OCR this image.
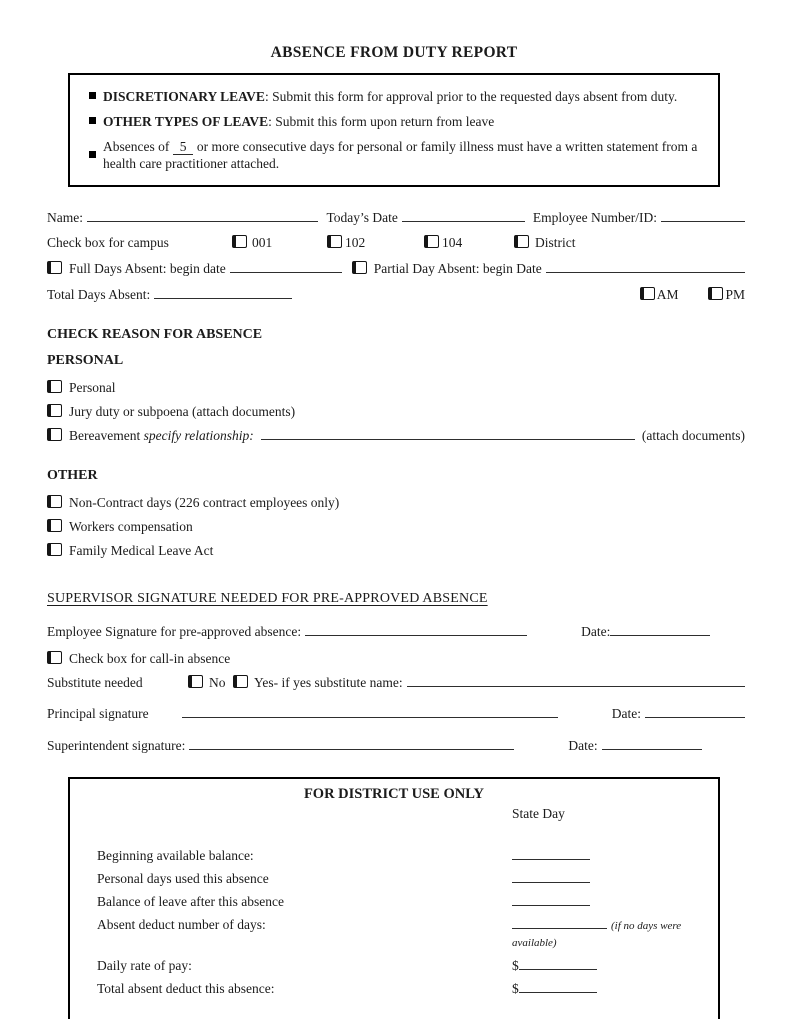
ABSENCE FROM DUTY REPORT
DISCRETIONARY LEAVE: Submit this form for approval prior to the requested days absent from duty.
OTHER TYPES OF LEAVE: Submit this form upon return from leave
Absences of 5 or more consecutive days for personal or family illness must have a written statement from a health care practitioner attached.
Name:	Today’s Date	Employee Number/ID:
Check box for campus	001	102	104	District
Full Days Absent: begin date	Partial Day Absent: begin Date
Total Days Absent:	AM	PM
CHECK REASON FOR ABSENCE
PERSONAL
Personal
Jury duty or subpoena (attach documents)
Bereavement specify relationship:	(attach documents)
OTHER
Non-Contract days (226 contract employees only)
Workers compensation
Family Medical Leave Act
SUPERVISOR SIGNATURE NEEDED FOR PRE-APPROVED ABSENCE
Employee Signature for pre-approved absence:	Date:
Check box for call-in absence
Substitute needed	No Yes- if yes substitute name:
Principal signature	Date:
Superintendent signature:	Date:
FOR DISTRICT USE ONLY
State Day
Beginning available balance:
Personal days used this absence
Balance of leave after this absence
Absent deduct number of days:	(if no days were available)
Daily rate of pay:	$
Total absent deduct this absence:	$
